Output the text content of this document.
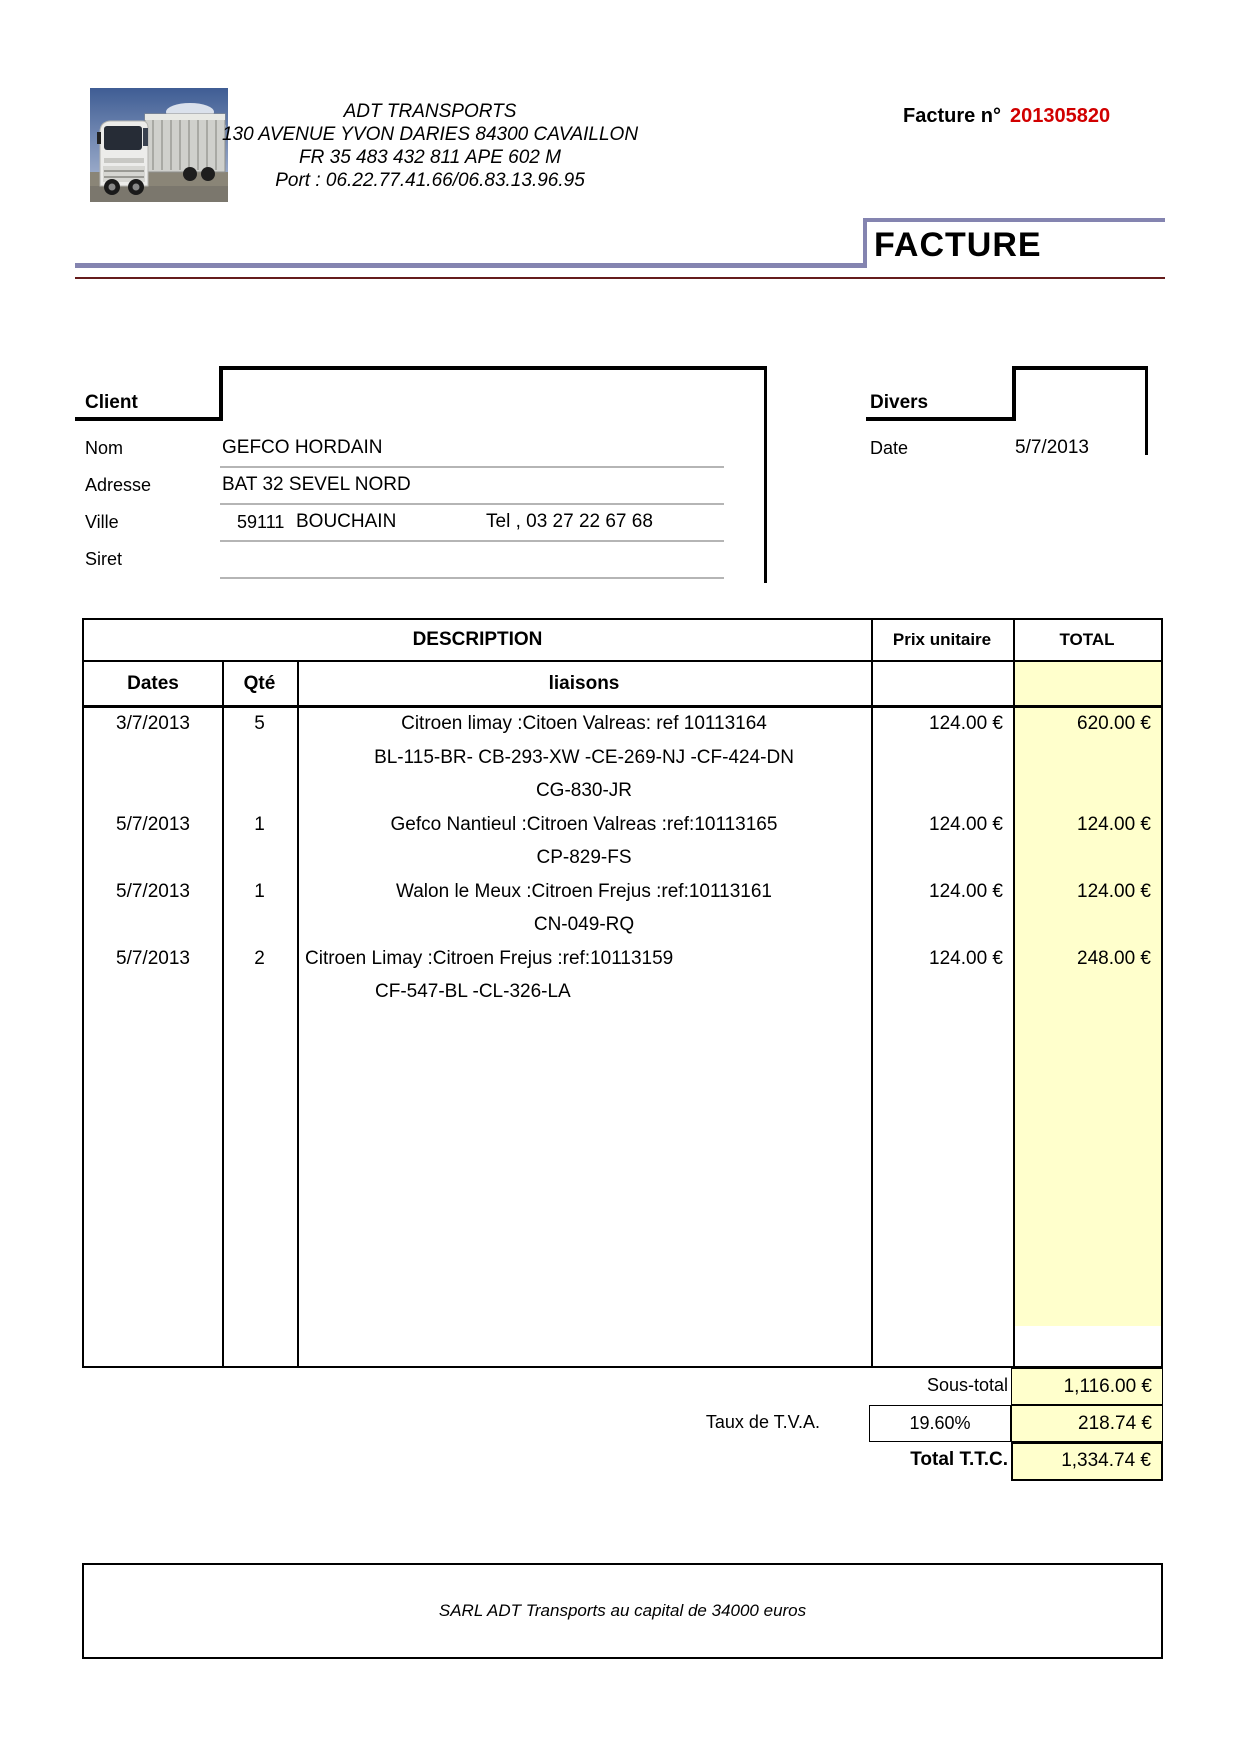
ADT TRANSPORTS
130 AVENUE YVON DARIES 84300 CAVAILLON
FR 35 483 432 811 APE 602 M
Port : 06.22.77.41.66/06.83.13.96.95
Facture n° 201305820
FACTURE
Client
Nom	GEFCO HORDAIN
Adresse	BAT 32 SEVEL NORD
Ville	59111 BOUCHAIN	Tel , 03 27 22 67 68
Siret
Divers
Date	5/7/2013
DESCRIPTION	Prix unitaire	TOTAL
Dates	Qté	liaisons
3/7/2013	5	Citroen limay :Citoen Valreas: ref 10113164	124.00 €	620.00 €
BL-115-BR- CB-293-XW -CE-269-NJ -CF-424-DN
CG-830-JR
5/7/2013	1	Gefco Nantieul :Citroen Valreas :ref:10113165	124.00 €	124.00 €
CP-829-FS
5/7/2013	1	Walon le Meux :Citroen Frejus :ref:10113161	124.00 €	124.00 €
CN-049-RQ
5/7/2013	2	Citroen Limay :Citroen Frejus :ref:10113159	124.00 €	248.00 €
CF-547-BL -CL-326-LA
Sous-total	1,116.00 €
Taux de T.V.A.	19.60%	218.74 €
Total T.T.C.	1,334.74 €
SARL ADT Transports au capital de 34000 euros
